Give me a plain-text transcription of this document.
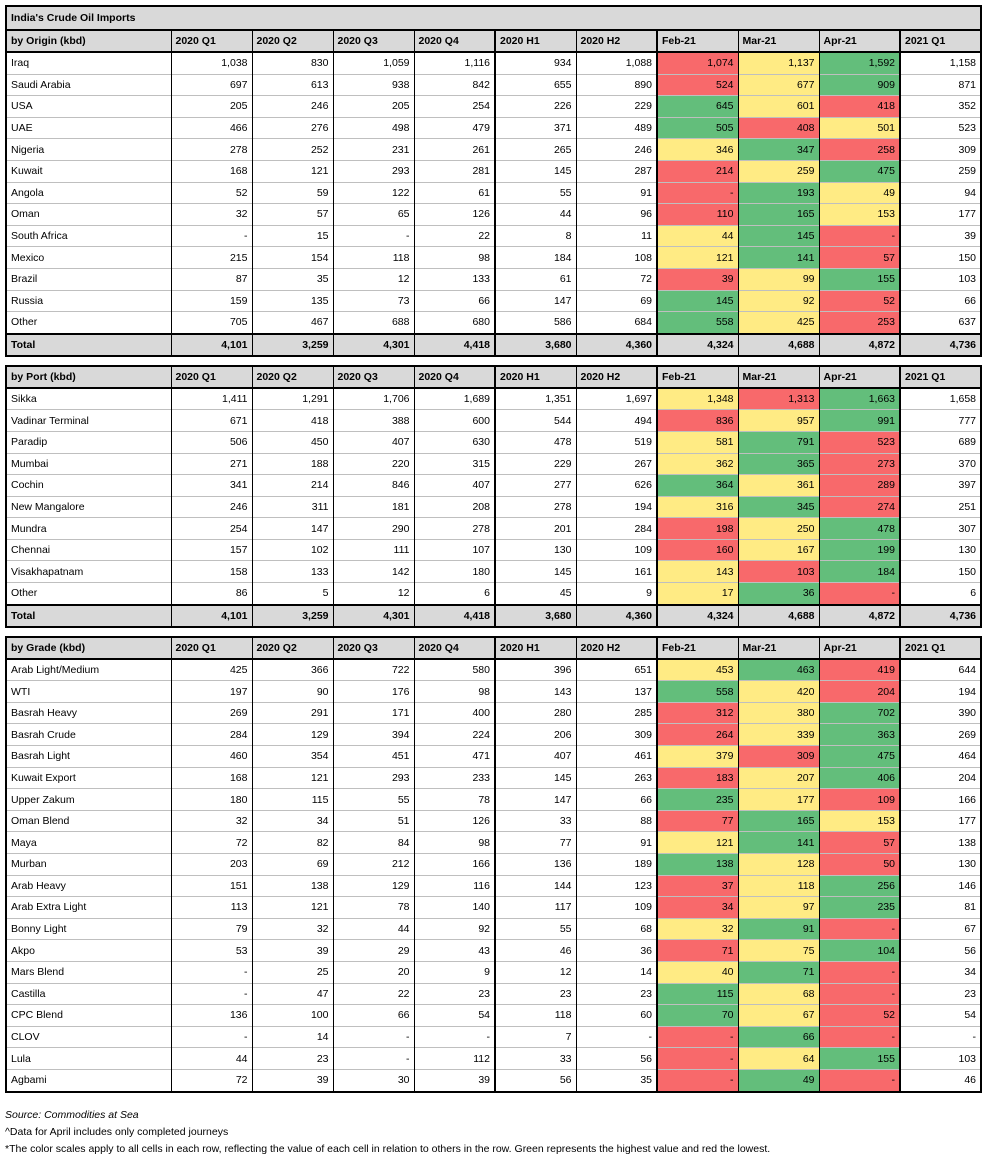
India's Crude Oil Imports										
by Origin (kbd)	2020 Q1	2020 Q2	2020 Q3	2020 Q4	2020 H1	2020 H2	Feb-21	Mar-21	Apr-21	2021 Q1
Iraq	1,038	830	1,059	1,116	934	1,088	1,074	1,137	1,592	1,158
Saudi Arabia	697	613	938	842	655	890	524	677	909	871
USA	205	246	205	254	226	229	645	601	418	352
UAE	466	276	498	479	371	489	505	408	501	523
Nigeria	278	252	231	261	265	246	346	347	258	309
Kuwait	168	121	293	281	145	287	214	259	475	259
Angola	52	59	122	61	55	91	-	193	49	94
Oman	32	57	65	126	44	96	110	165	153	177
South Africa	-	15	-	22	8	11	44	145	-	39
Mexico	215	154	118	98	184	108	121	141	57	150
Brazil	87	35	12	133	61	72	39	99	155	103
Russia	159	135	73	66	147	69	145	92	52	66
Other	705	467	688	680	586	684	558	425	253	637
Total	4,101	3,259	4,301	4,418	3,680	4,360	4,324	4,688	4,872	4,736

by Port (kbd)	2020 Q1	2020 Q2	2020 Q3	2020 Q4	2020 H1	2020 H2	Feb-21	Mar-21	Apr-21	2021 Q1
Sikka	1,411	1,291	1,706	1,689	1,351	1,697	1,348	1,313	1,663	1,658
Vadinar Terminal	671	418	388	600	544	494	836	957	991	777
Paradip	506	450	407	630	478	519	581	791	523	689
Mumbai	271	188	220	315	229	267	362	365	273	370
Cochin	341	214	846	407	277	626	364	361	289	397
New Mangalore	246	311	181	208	278	194	316	345	274	251
Mundra	254	147	290	278	201	284	198	250	478	307
Chennai	157	102	111	107	130	109	160	167	199	130
Visakhapatnam	158	133	142	180	145	161	143	103	184	150
Other	86	5	12	6	45	9	17	36	-	6
Total	4,101	3,259	4,301	4,418	3,680	4,360	4,324	4,688	4,872	4,736

by Grade (kbd)	2020 Q1	2020 Q2	2020 Q3	2020 Q4	2020 H1	2020 H2	Feb-21	Mar-21	Apr-21	2021 Q1
Arab Light/Medium	425	366	722	580	396	651	453	463	419	644
WTI	197	90	176	98	143	137	558	420	204	194
Basrah Heavy	269	291	171	400	280	285	312	380	702	390
Basrah Crude	284	129	394	224	206	309	264	339	363	269
Basrah Light	460	354	451	471	407	461	379	309	475	464
Kuwait Export	168	121	293	233	145	263	183	207	406	204
Upper Zakum	180	115	55	78	147	66	235	177	109	166
Oman Blend	32	34	51	126	33	88	77	165	153	177
Maya	72	82	84	98	77	91	121	141	57	138
Murban	203	69	212	166	136	189	138	128	50	130
Arab Heavy	151	138	129	116	144	123	37	118	256	146
Arab Extra Light	113	121	78	140	117	109	34	97	235	81
Bonny Light	79	32	44	92	55	68	32	91	-	67
Akpo	53	39	29	43	46	36	71	75	104	56
Mars Blend	-	25	20	9	12	14	40	71	-	34
Castilla	-	47	22	23	23	23	115	68	-	23
CPC Blend	136	100	66	54	118	60	70	67	52	54
CLOV	-	14	-	-	7	-	-	66	-	-
Lula	44	23	-	112	33	56	-	64	155	103
Agbami	72	39	30	39	56	35	-	49	-	46
Source: Commodities at Sea
^Data for April includes only completed journeys
*The color scales apply to all cells in each row, reflecting the value of each cell in relation to others in the row. Green represents the highest value and red the lowest.
